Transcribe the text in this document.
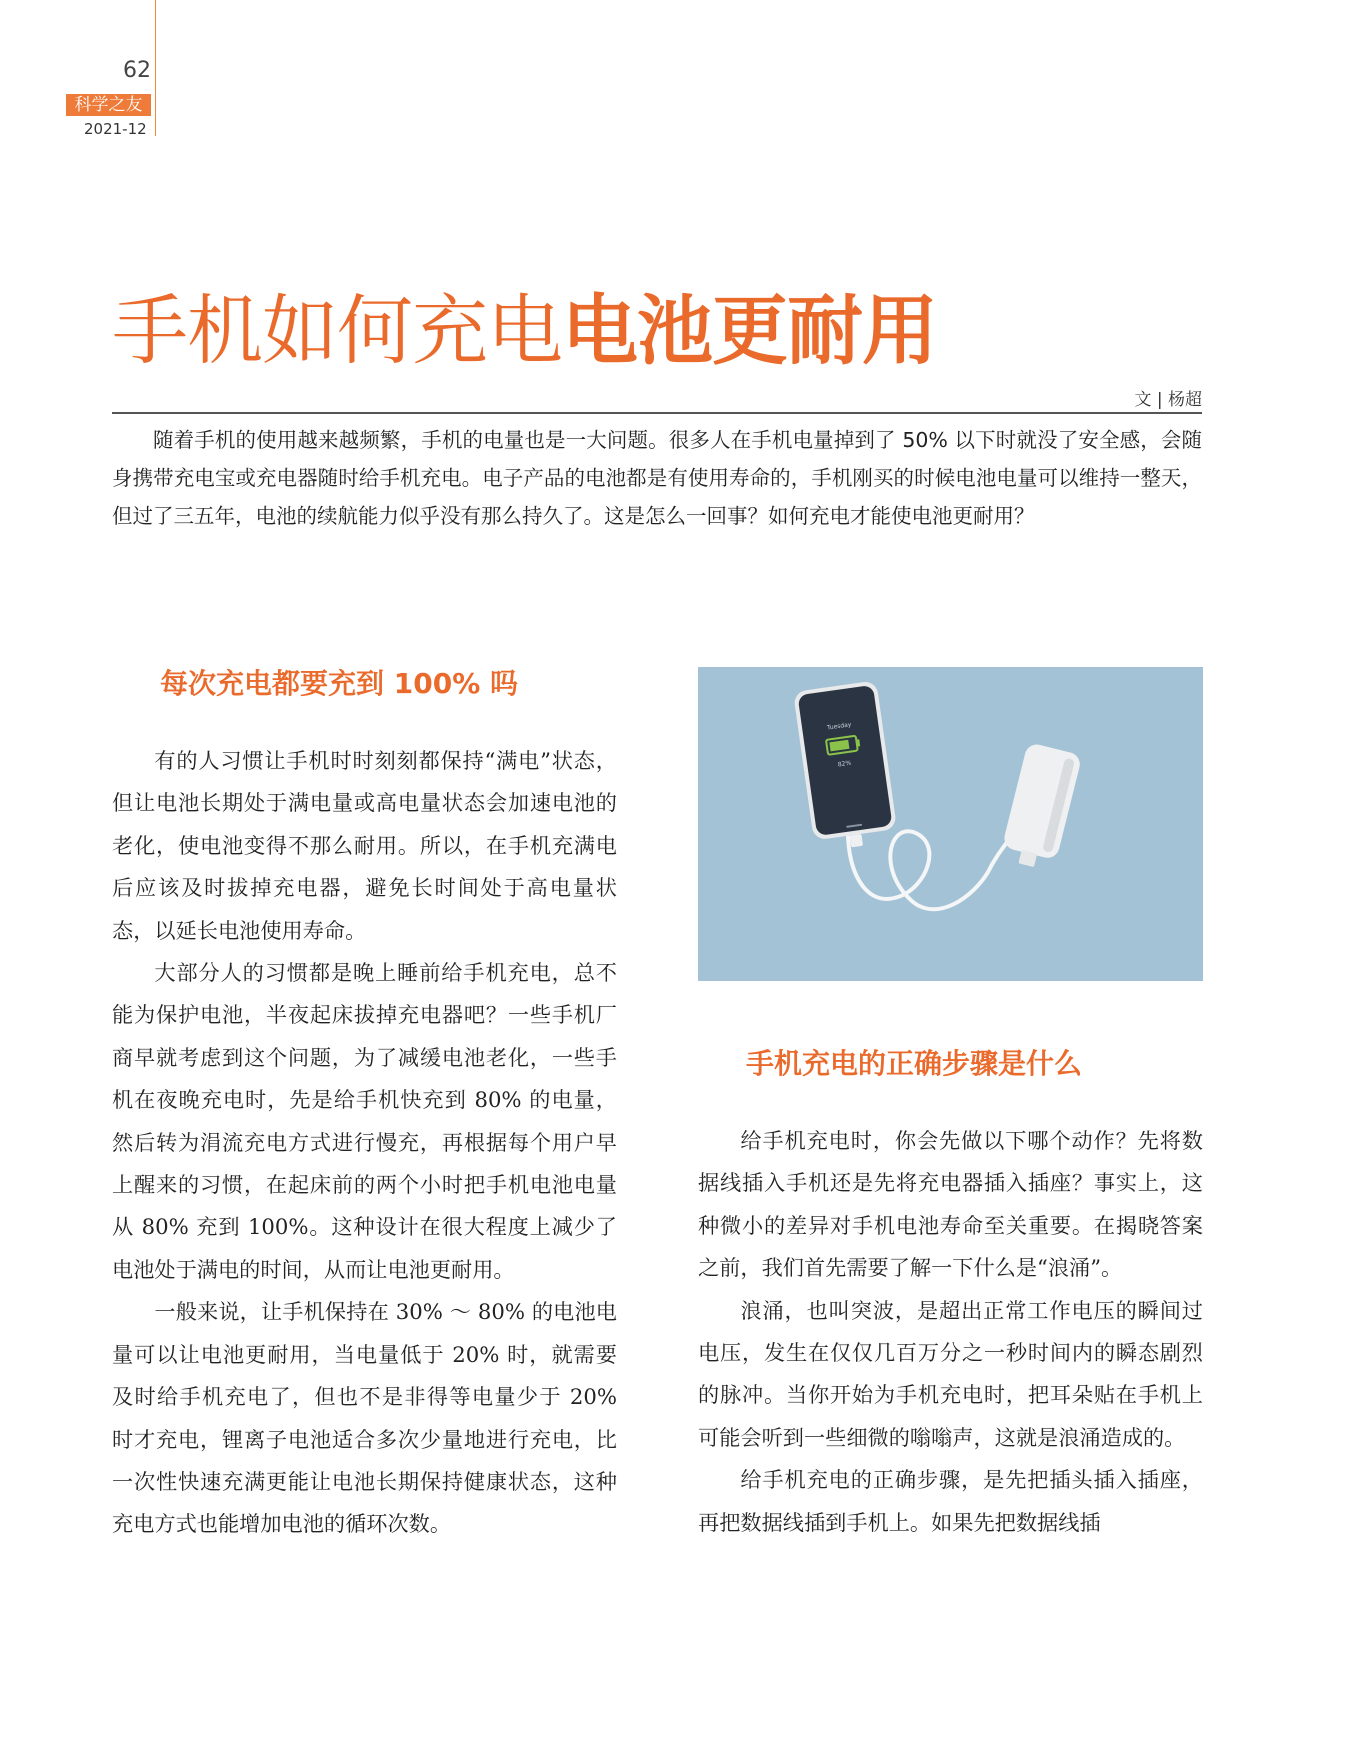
62
科学之友
2021-12
手机如何充电电池更耐用
文 | 杨超

随着手机的使用越来越频繁，手机的电量也是一大问题。很多人在手机电量掉到了 50% 以下时就没了安全感，会随身携带充电宝或充电器随时给手机充电。电子产品的电池都是有使用寿命的，手机刚买的时候电池电量可以维持一整天，但过了三五年，电池的续航能力似乎没有那么持久了。这是怎么一回事？如何充电才能使电池更耐用？

每次充电都要充到 100% 吗

有的人习惯让手机时时刻刻都保持“满电”状态，但让电池长期处于满电量或高电量状态会加速电池的老化，使电池变得不那么耐用。所以，在手机充满电后应该及时拔掉充电器，避免长时间处于高电量状态，以延长电池使用寿命。

大部分人的习惯都是晚上睡前给手机充电，总不能为保护电池，半夜起床拔掉充电器吧？一些手机厂商早就考虑到这个问题，为了减缓电池老化，一些手机在夜晚充电时，先是给手机快充到 80% 的电量，然后转为涓流充电方式进行慢充，再根据每个用户早上醒来的习惯，在起床前的两个小时把手机电池电量从 80% 充到 100%。这种设计在很大程度上减少了电池处于满电的时间，从而让电池更耐用。

一般来说，让手机保持在 30% ～ 80% 的电池电量可以让电池更耐用，当电量低于 20% 时，就需要及时给手机充电了，但也不是非得等电量少于 20% 时才充电，锂离子电池适合多次少量地进行充电，比一次性快速充满更能让电池长期保持健康状态，这种充电方式也能增加电池的循环次数。

Tuesday
82%
手机充电的正确步骤是什么

给手机充电时，你会先做以下哪个动作？先将数据线插入手机还是先将充电器插入插座？事实上，这种微小的差异对手机电池寿命至关重要。在揭晓答案之前，我们首先需要了解一下什么是“浪涌”。

浪涌，也叫突波，是超出正常工作电压的瞬间过电压，发生在仅仅几百万分之一秒时间内的瞬态剧烈的脉冲。当你开始为手机充电时，把耳朵贴在手机上可能会听到一些细微的嗡嗡声，这就是浪涌造成的。

给手机充电的正确步骤，是先把插头插入插座，再把数据线插到手机上。如果先把数据线插
